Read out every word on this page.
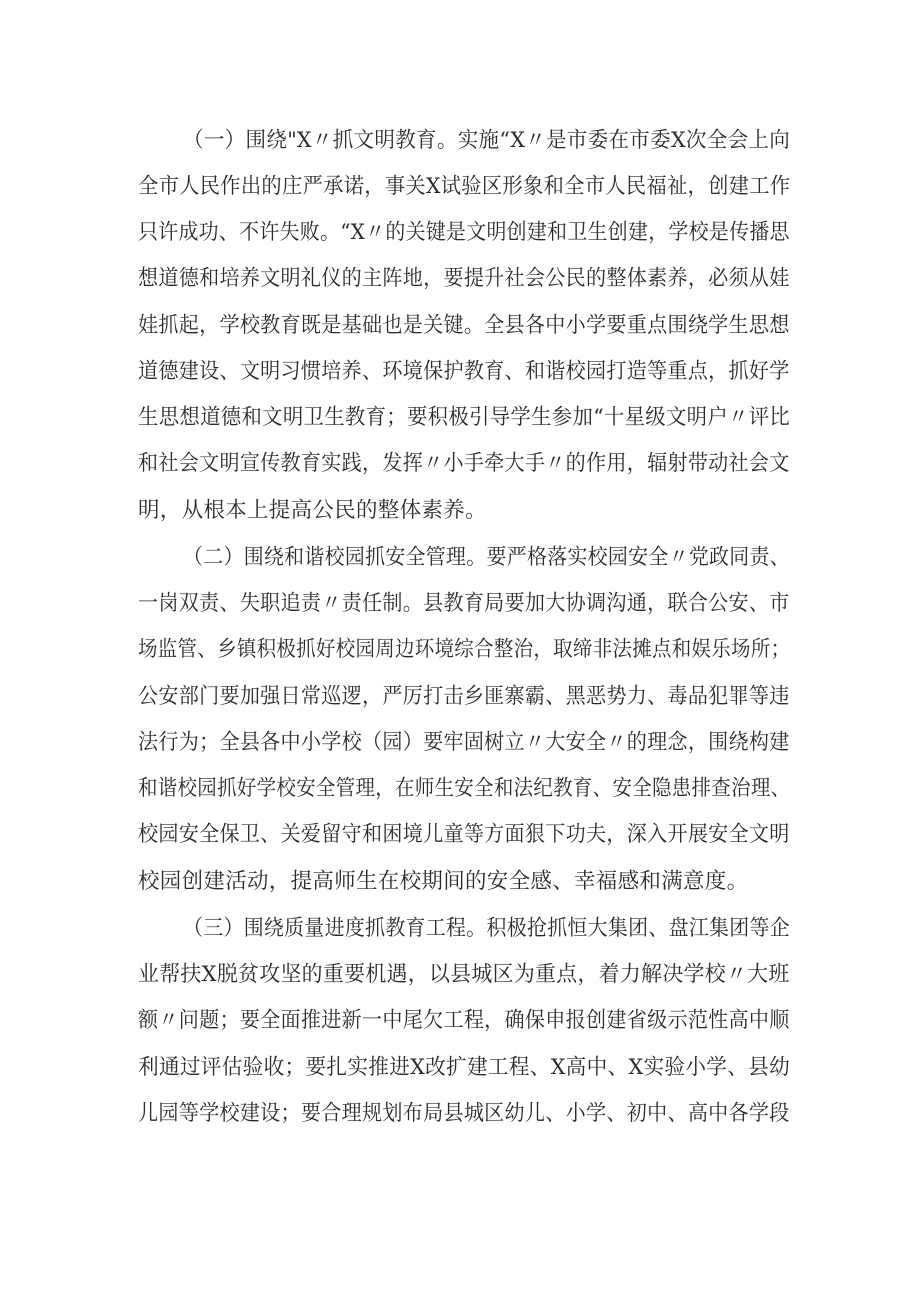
（一）围绕"X〃抓文明教育。实施“X〃是市委在市委X次全会上向
全市人民作出的庄严承诺，事关X试验区形象和全市人民福祉，创建工作
只许成功、不许失败。“X〃的关键是文明创建和卫生创建，学校是传播思
想道德和培养文明礼仪的主阵地，要提升社会公民的整体素养，必须从娃
娃抓起，学校教育既是基础也是关键。全县各中小学要重点围绕学生思想
道德建设、文明习惯培养、环境保护教育、和谐校园打造等重点，抓好学
生思想道德和文明卫生教育；要积极引导学生参加“十星级文明户〃评比
和社会文明宣传教育实践，发挥〃小手牵大手〃的作用，辐射带动社会文
明，从根本上提高公民的整体素养。
（二）围绕和谐校园抓安全管理。要严格落实校园安全〃党政同责、
一岗双责、失职追责〃责任制。县教育局要加大协调沟通，联合公安、市
场监管、乡镇积极抓好校园周边环境综合整治，取缔非法摊点和娱乐场所；
公安部门要加强日常巡逻，严厉打击乡匪寨霸、黑恶势力、毒品犯罪等违
法行为；全县各中小学校（园）要牢固树立〃大安全〃的理念，围绕构建
和谐校园抓好学校安全管理，在师生安全和法纪教育、安全隐患排查治理、
校园安全保卫、关爱留守和困境儿童等方面狠下功夫，深入开展安全文明
校园创建活动，提高师生在校期间的安全感、幸福感和满意度。
（三）围绕质量进度抓教育工程。积极抢抓恒大集团、盘江集团等企
业帮扶X脱贫攻坚的重要机遇，以县城区为重点，着力解决学校〃大班
额〃问题；要全面推进新一中尾欠工程，确保申报创建省级示范性高中顺
利通过评估验收；要扎实推进X改扩建工程、X高中、X实验小学、县幼
儿园等学校建设；要合理规划布局县城区幼儿、小学、初中、高中各学段
